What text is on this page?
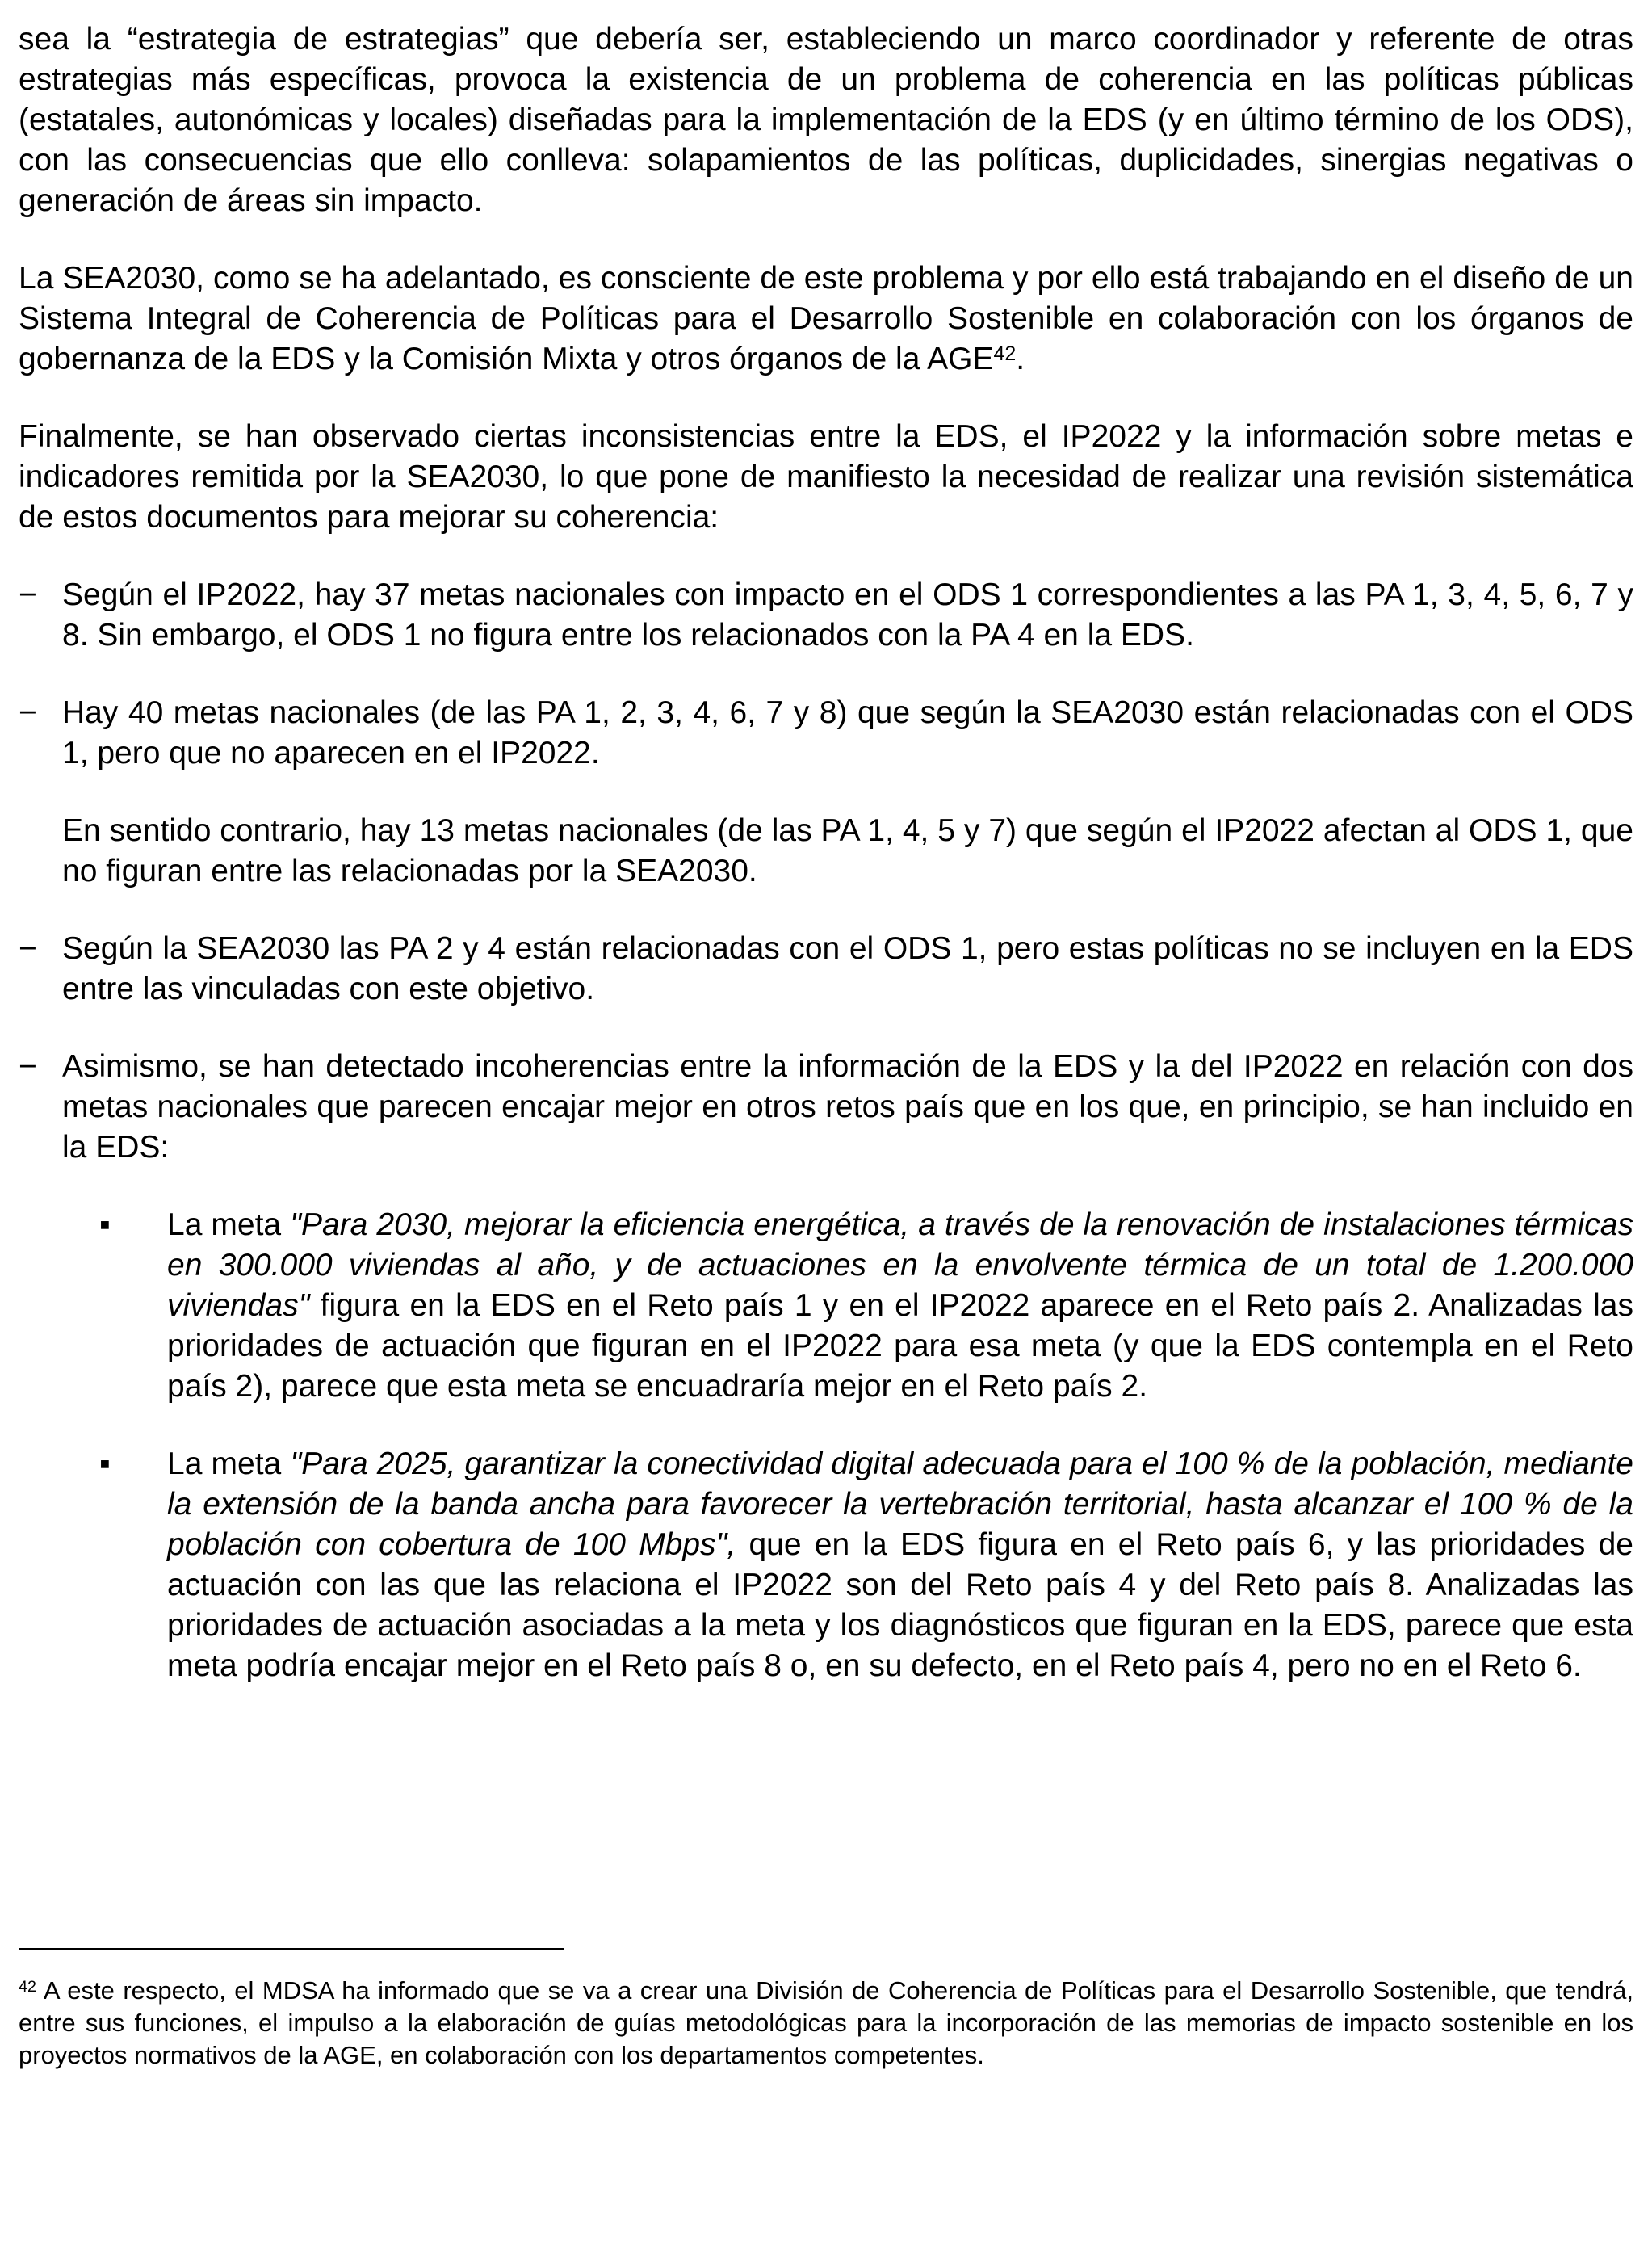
sea la “estrategia de estrategias” que debería ser, estableciendo un marco coordinador y referente de otras estrategias más específicas, provoca la existencia de un problema de coherencia en las políticas públicas (estatales, autonómicas y locales) diseñadas para la implementación de la EDS (y en último término de los ODS), con las consecuencias que ello conlleva: solapamientos de las políticas, duplicidades, sinergias negativas o generación de áreas sin impacto.

La SEA2030, como se ha adelantado, es consciente de este problema y por ello está trabajando en el diseño de un Sistema Integral de Coherencia de Políticas para el Desarrollo Sostenible en colaboración con los órganos de gobernanza de la EDS y la Comisión Mixta y otros órganos de la AGE$^{42}$.

Finalmente, se han observado ciertas inconsistencias entre la EDS, el IP2022 y la información sobre metas e indicadores remitida por la SEA2030, lo que pone de manifiesto la necesidad de realizar una revisión sistemática de estos documentos para mejorar su coherencia:

− Según el IP2022, hay 37 metas nacionales con impacto en el ODS 1 correspondientes a las PA 1, 3, 4, 5, 6, 7 y 8. Sin embargo, el ODS 1 no figura entre los relacionados con la PA 4 en la EDS.
− Hay 40 metas nacionales (de las PA 1, 2, 3, 4, 6, 7 y 8) que según la SEA2030 están relacionadas con el ODS 1, pero que no aparecen en el IP2022.

En sentido contrario, hay 13 metas nacionales (de las PA 1, 4, 5 y 7) que según el IP2022 afectan al ODS 1, que no figuran entre las relacionadas por la SEA2030.

− Según la SEA2030 las PA 2 y 4 están relacionadas con el ODS 1, pero estas políticas no se incluyen en la EDS entre las vinculadas con este objetivo.
− Asimismo, se han detectado incoherencias entre la información de la EDS y la del IP2022 en relación con dos metas nacionales que parecen encajar mejor en otros retos país que en los que, en principio, se han incluido en la EDS:
▪ La meta "Para 2030, mejorar la eficiencia energética, a través de la renovación de instalaciones térmicas en 300.000 viviendas al año, y de actuaciones en la envolvente térmica de un total de 1.200.000 viviendas" figura en la EDS en el Reto país 1 y en el IP2022 aparece en el Reto país 2. Analizadas las prioridades de actuación que figuran en el IP2022 para esa meta (y que la EDS contempla en el Reto país 2), parece que esta meta se encuadraría mejor en el Reto país 2.
▪ La meta "Para 2025, garantizar la conectividad digital adecuada para el 100 % de la población, mediante la extensión de la banda ancha para favorecer la vertebración territorial, hasta alcanzar el 100 % de la población con cobertura de 100 Mbps", que en la EDS figura en el Reto país 6, y las prioridades de actuación con las que las relaciona el IP2022 son del Reto país 4 y del Reto país 8. Analizadas las prioridades de actuación asociadas a la meta y los diagnósticos que figuran en la EDS, parece que esta meta podría encajar mejor en el Reto país 8 o, en su defecto, en el Reto país 4, pero no en el Reto 6.

$^{42}$ A este respecto, el MDSA ha informado que se va a crear una División de Coherencia de Políticas para el Desarrollo Sostenible, que tendrá, entre sus funciones, el impulso a la elaboración de guías metodológicas para la incorporación de las memorias de impacto sostenible en los proyectos normativos de la AGE, en colaboración con los departamentos competentes.
